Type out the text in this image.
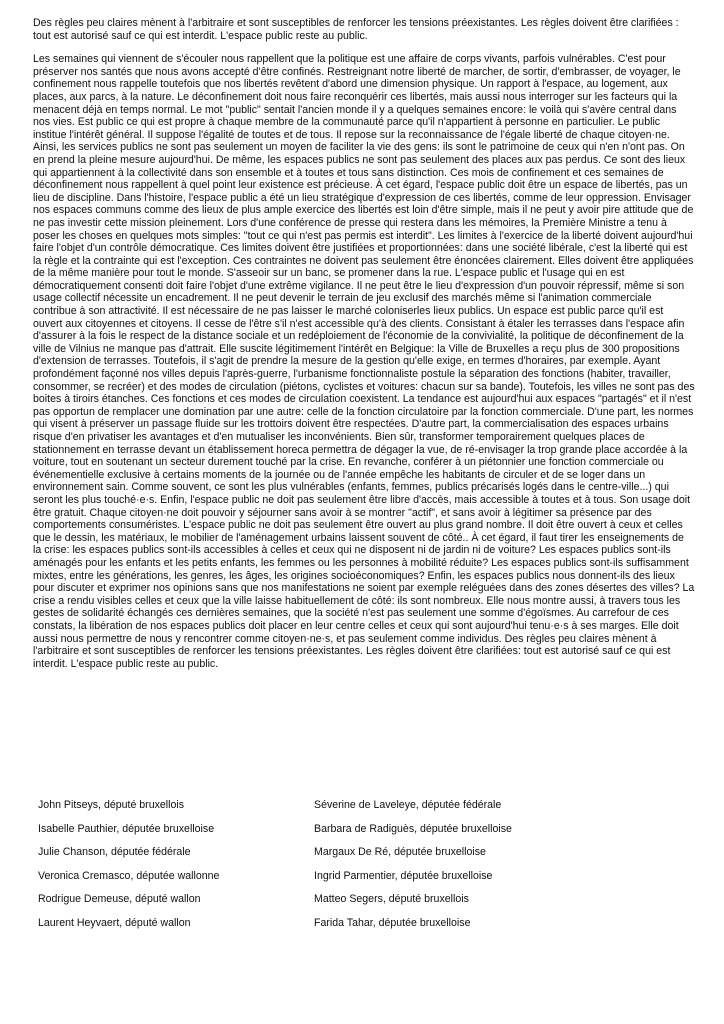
Des règles peu claires mènent à l'arbitraire et sont susceptibles de renforcer les tensions préexistantes. Les règles doivent être clarifiées : tout est autorisé sauf ce qui est interdit. L'espace public reste au public.

Les semaines qui viennent de s'écouler nous rappellent que la politique est une affaire de corps vivants, parfois vulnérables. C'est pour préserver nos santés que nous avons accepté d'être confinés. Restreignant notre liberté de marcher, de sortir, d'embrasser, de voyager, le confinement nous rappelle toutefois que nos libertés revêtent d'abord une dimension physique. Un rapport à l'espace, au logement, aux places, aux parcs, à la nature. Le déconfinement doit nous faire reconquérir ces libertés, mais aussi nous interroger sur les facteurs qui la menacent déjà en temps normal. Le mot "public" sentait l'ancien monde il y a quelques semaines encore: le voilà qui s'avère central dans nos vies. Est public ce qui est propre à chaque membre de la communauté parce qu'il n'appartient à personne en particulier. Le public institue l'intérêt général. Il suppose l'égalité de toutes et de tous. Il repose sur la reconnaissance de l'égale liberté de chaque citoyen·ne. Ainsi, les services publics ne sont pas seulement un moyen de faciliter la vie des gens: ils sont le patrimoine de ceux qui n'en n'ont pas. On en prend la pleine mesure aujourd'hui. De même, les espaces publics ne sont pas seulement des places aux pas perdus. Ce sont des lieux qui appartiennent à la collectivité dans son ensemble et à toutes et tous sans distinction. Ces mois de confinement et ces semaines de déconfinement nous rappellent à quel point leur existence est précieuse. À cet égard, l'espace public doit être un espace de libertés, pas un lieu de discipline. Dans l'histoire, l'espace public a été un lieu stratégique d'expression de ces libertés, comme de leur oppression. Envisager nos espaces communs comme des lieux de plus ample exercice des libertés est loin d'être simple, mais il ne peut y avoir pire attitude que de ne pas investir cette mission pleinement. Lors d'une conférence de presse qui restera dans les mémoires, la Première Ministre a tenu à poser les choses en quelques mots simples: "tout ce qui n'est pas permis est interdit". Les limites à l'exercice de la liberté doivent aujourd'hui faire l'objet d'un contrôle démocratique. Ces limites doivent être justifiées et proportionnées: dans une société libérale, c'est la liberté qui est la règle et la contrainte qui est l'exception. Ces contraintes ne doivent pas seulement être énoncées clairement. Elles doivent être appliquées de la même manière pour tout le monde. S'asseoir sur un banc, se promener dans la rue. L'espace public et l'usage qui en est démocratiquement consenti doit faire l'objet d'une extrême vigilance. Il ne peut être le lieu d'expression d'un pouvoir répressif, même si son usage collectif nécessite un encadrement. Il ne peut devenir le terrain de jeu exclusif des marchés même si l'animation commerciale contribue à son attractivité. Il est nécessaire de ne pas laisser le marché coloniserles lieux publics. Un espace est public parce qu'il est ouvert aux citoyennes et citoyens. Il cesse de l'être s'il n'est accessible qu'à des clients. Consistant à étaler les terrasses dans l'espace afin d'assurer à la fois le respect de la distance sociale et un redéploiement de l'économie de la convivialité, la politique de déconfinement de la ville de Vilnius ne manque pas d'attrait. Elle suscite légitimement l'intérêt en Belgique: la Ville de Bruxelles a reçu plus de 300 propositions d'extension de terrasses. Toutefois, il s'agit de prendre la mesure de la gestion qu'elle exige, en termes d'horaires, par exemple. Ayant profondément façonné nos villes depuis l'après-guerre, l'urbanisme fonctionnaliste postule la séparation des fonctions (habiter, travailler, consommer, se recréer) et des modes de circulation (piétons, cyclistes et voitures: chacun sur sa bande). Toutefois, les villes ne sont pas des boites à tiroirs étanches. Ces fonctions et ces modes de circulation coexistent. La tendance est aujourd'hui aux espaces "partagés" et il n'est pas opportun de remplacer une domination par une autre: celle de la fonction circulatoire par la fonction commerciale. D'une part, les normes qui visent à préserver un passage fluide sur les trottoirs doivent être respectées. D'autre part, la commercialisation des espaces urbains risque d'en privatiser les avantages et d'en mutualiser les inconvénients. Bien sûr, transformer temporairement quelques places de stationnement en terrasse devant un établissement horeca permettra de dégager la vue, de ré-envisager la trop grande place accordée à la voiture, tout en soutenant un secteur durement touché par la crise. En revanche, conférer à un piétonnier une fonction commerciale ou événementielle exclusive à certains moments de la journée ou de l'année empêche les habitants de circuler et de se loger dans un environnement sain. Comme souvent, ce sont les plus vulnérables (enfants, femmes, publics précarisés logés dans le centre-ville...) qui seront les plus touché·e·s. Enfin, l'espace public ne doit pas seulement être libre d'accès, mais accessible à toutes et à tous. Son usage doit être gratuit. Chaque citoyen·ne doit pouvoir y séjourner sans avoir à se montrer "actif", et sans avoir à légitimer sa présence par des comportements consuméristes. L'espace public ne doit pas seulement être ouvert au plus grand nombre. Il doit être ouvert à ceux et celles que le dessin, les matériaux, le mobilier de l'aménagement urbains laissent souvent de côté.. À cet égard, il faut tirer les enseignements de la crise: les espaces publics sont-ils accessibles à celles et ceux qui ne disposent ni de jardin ni de voiture? Les espaces publics sont-ils aménagés pour les enfants et les petits enfants, les femmes ou les personnes à mobilité réduite? Les espaces publics sont-ils suffisamment mixtes, entre les générations, les genres, les âges, les origines socioéconomiques? Enfin, les espaces publics nous donnent-ils des lieux pour discuter et exprimer nos opinions sans que nos manifestations ne soient par exemple reléguées dans des zones désertes des villes? La crise a rendu visibles celles et ceux que la ville laisse habituellement de côté: ils sont nombreux. Elle nous montre aussi, à travers tous les gestes de solidarité échangés ces dernières semaines, que la société n'est pas seulement une somme d'égoïsmes. Au carrefour de ces constats, la libération de nos espaces publics doit placer en leur centre celles et ceux qui sont aujourd'hui tenu·e·s à ses marges. Elle doit aussi nous permettre de nous y rencontrer comme citoyen·ne·s, et pas seulement comme individus. Des règles peu claires mènent à l'arbitraire et sont susceptibles de renforcer les tensions préexistantes. Les règles doivent être clarifiées: tout est autorisé sauf ce qui est interdit. L'espace public reste au public.

John Pitseys, député bruxellois
Isabelle Pauthier, députée bruxelloise
Julie Chanson, députée fédérale
Veronica Cremasco, députée wallonne
Rodrigue Demeuse, député wallon
Laurent Heyvaert, député wallon
Séverine de Laveleye, députée fédérale
Barbara de Radiguès, députée bruxelloise
Margaux De Ré, députée bruxelloise
Ingrid Parmentier, députée bruxelloise
Matteo Segers, député bruxellois
Farida Tahar, députée bruxelloise
